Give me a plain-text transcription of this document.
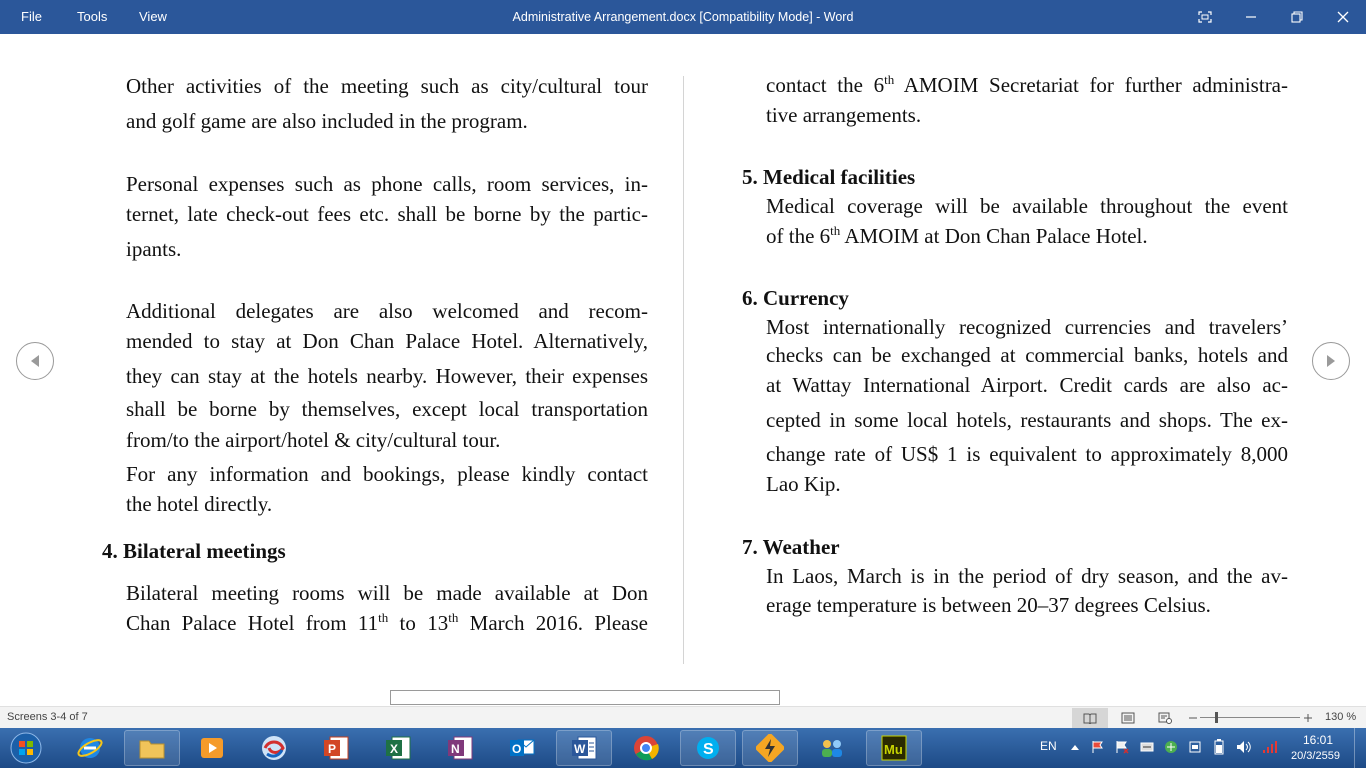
File	Tools View	Administrative Arrangement.docx [Compatibility Mode] - Word
Other activities of the meeting such as city/cultural tour
and golf game are also included in the program.
Personal expenses such as phone calls, room services, in-
ternet, late check-out fees etc. shall be borne by the partic-
ipants.
Additional delegates are also welcomed and recom-
mended to stay at Don Chan Palace Hotel. Alternatively,
they can stay at the hotels nearby. However, their expenses
shall be borne by themselves, except local transportation
from/to the airport/hotel & city/cultural tour.
For any information and bookings, please kindly contact
the hotel directly.
4. Bilateral meetings
Bilateral meeting rooms will be made available at Don
Chan Palace Hotel from 11th to 13th March 2016. Please
contact the 6th AMOIM Secretariat for further administra-
tive arrangements.
Medical coverage will be available throughout the event
of the 6th AMOIM at Don Chan Palace Hotel.
Most internationally recognized currencies and travelers’
checks can be exchanged at commercial banks, hotels and
at Wattay International Airport. Credit cards are also ac-
cepted in some local hotels, restaurants and shops. The ex-
change rate of US$ 1 is equivalent to approximately 8,000
Lao Kip.
In Laos, March is in the period of dry season, and the av-
erage temperature is between 20–37 degrees Celsius.
5. Medical facilities
6. Currency
7. Weather
Screens 3-4 of 7	130 %
P	X	N	O	W	S	Mu	EN	16:01
20/3/2559
